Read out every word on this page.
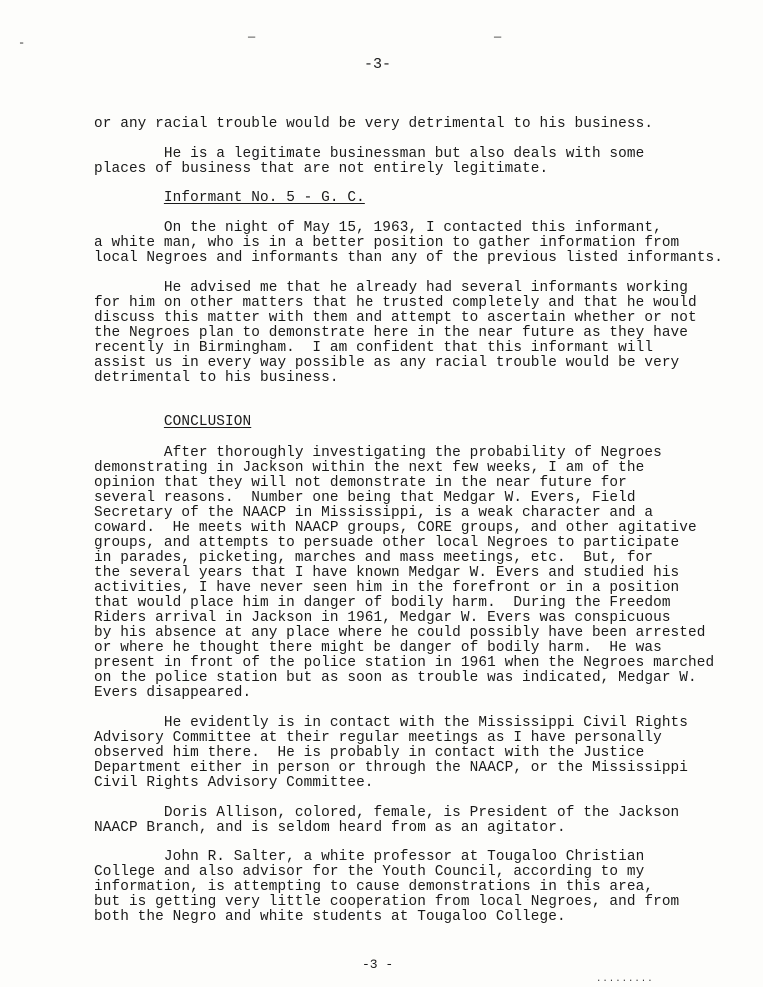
-	—	—
-3-
or any racial trouble would be very detrimental to his business.
He is a legitimate businessman but also deals with some
places of business that are not entirely legitimate.
Informant No. 5 - G. C.
On the night of May 15, 1963, I contacted this informant,
a white man, who is in a better position to gather information from
local Negroes and informants than any of the previous listed informants.
He advised me that he already had several informants working
for him on other matters that he trusted completely and that he would
discuss this matter with them and attempt to ascertain whether or not
the Negroes plan to demonstrate here in the near future as they have
recently in Birmingham.  I am confident that this informant will
assist us in every way possible as any racial trouble would be very
detrimental to his business.
CONCLUSION
After thoroughly investigating the probability of Negroes
demonstrating in Jackson within the next few weeks, I am of the
opinion that they will not demonstrate in the near future for
several reasons.  Number one being that Medgar W. Evers, Field
Secretary of the NAACP in Mississippi, is a weak character and a
coward.  He meets with NAACP groups, CORE groups, and other agitative
groups, and attempts to persuade other local Negroes to participate
in parades, picketing, marches and mass meetings, etc.  But, for
the several years that I have known Medgar W. Evers and studied his
activities, I have never seen him in the forefront or in a position
that would place him in danger of bodily harm.  During the Freedom
Riders arrival in Jackson in 1961, Medgar W. Evers was conspicuous
by his absence at any place where he could possibly have been arrested
or where he thought there might be danger of bodily harm.  He was
present in front of the police station in 1961 when the Negroes marched
on the police station but as soon as trouble was indicated, Medgar W.
Evers disappeared.
He evidently is in contact with the Mississippi Civil Rights
Advisory Committee at their regular meetings as I have personally
observed him there.  He is probably in contact with the Justice
Department either in person or through the NAACP, or the Mississippi
Civil Rights Advisory Committee.
Doris Allison, colored, female, is President of the Jackson
NAACP Branch, and is seldom heard from as an agitator.
John R. Salter, a white professor at Tougaloo Christian
College and also advisor for the Youth Council, according to my
information, is attempting to cause demonstrations in this area,
but is getting very little cooperation from local Negroes, and from
both the Negro and white students at Tougaloo College.
-3 -
.........
